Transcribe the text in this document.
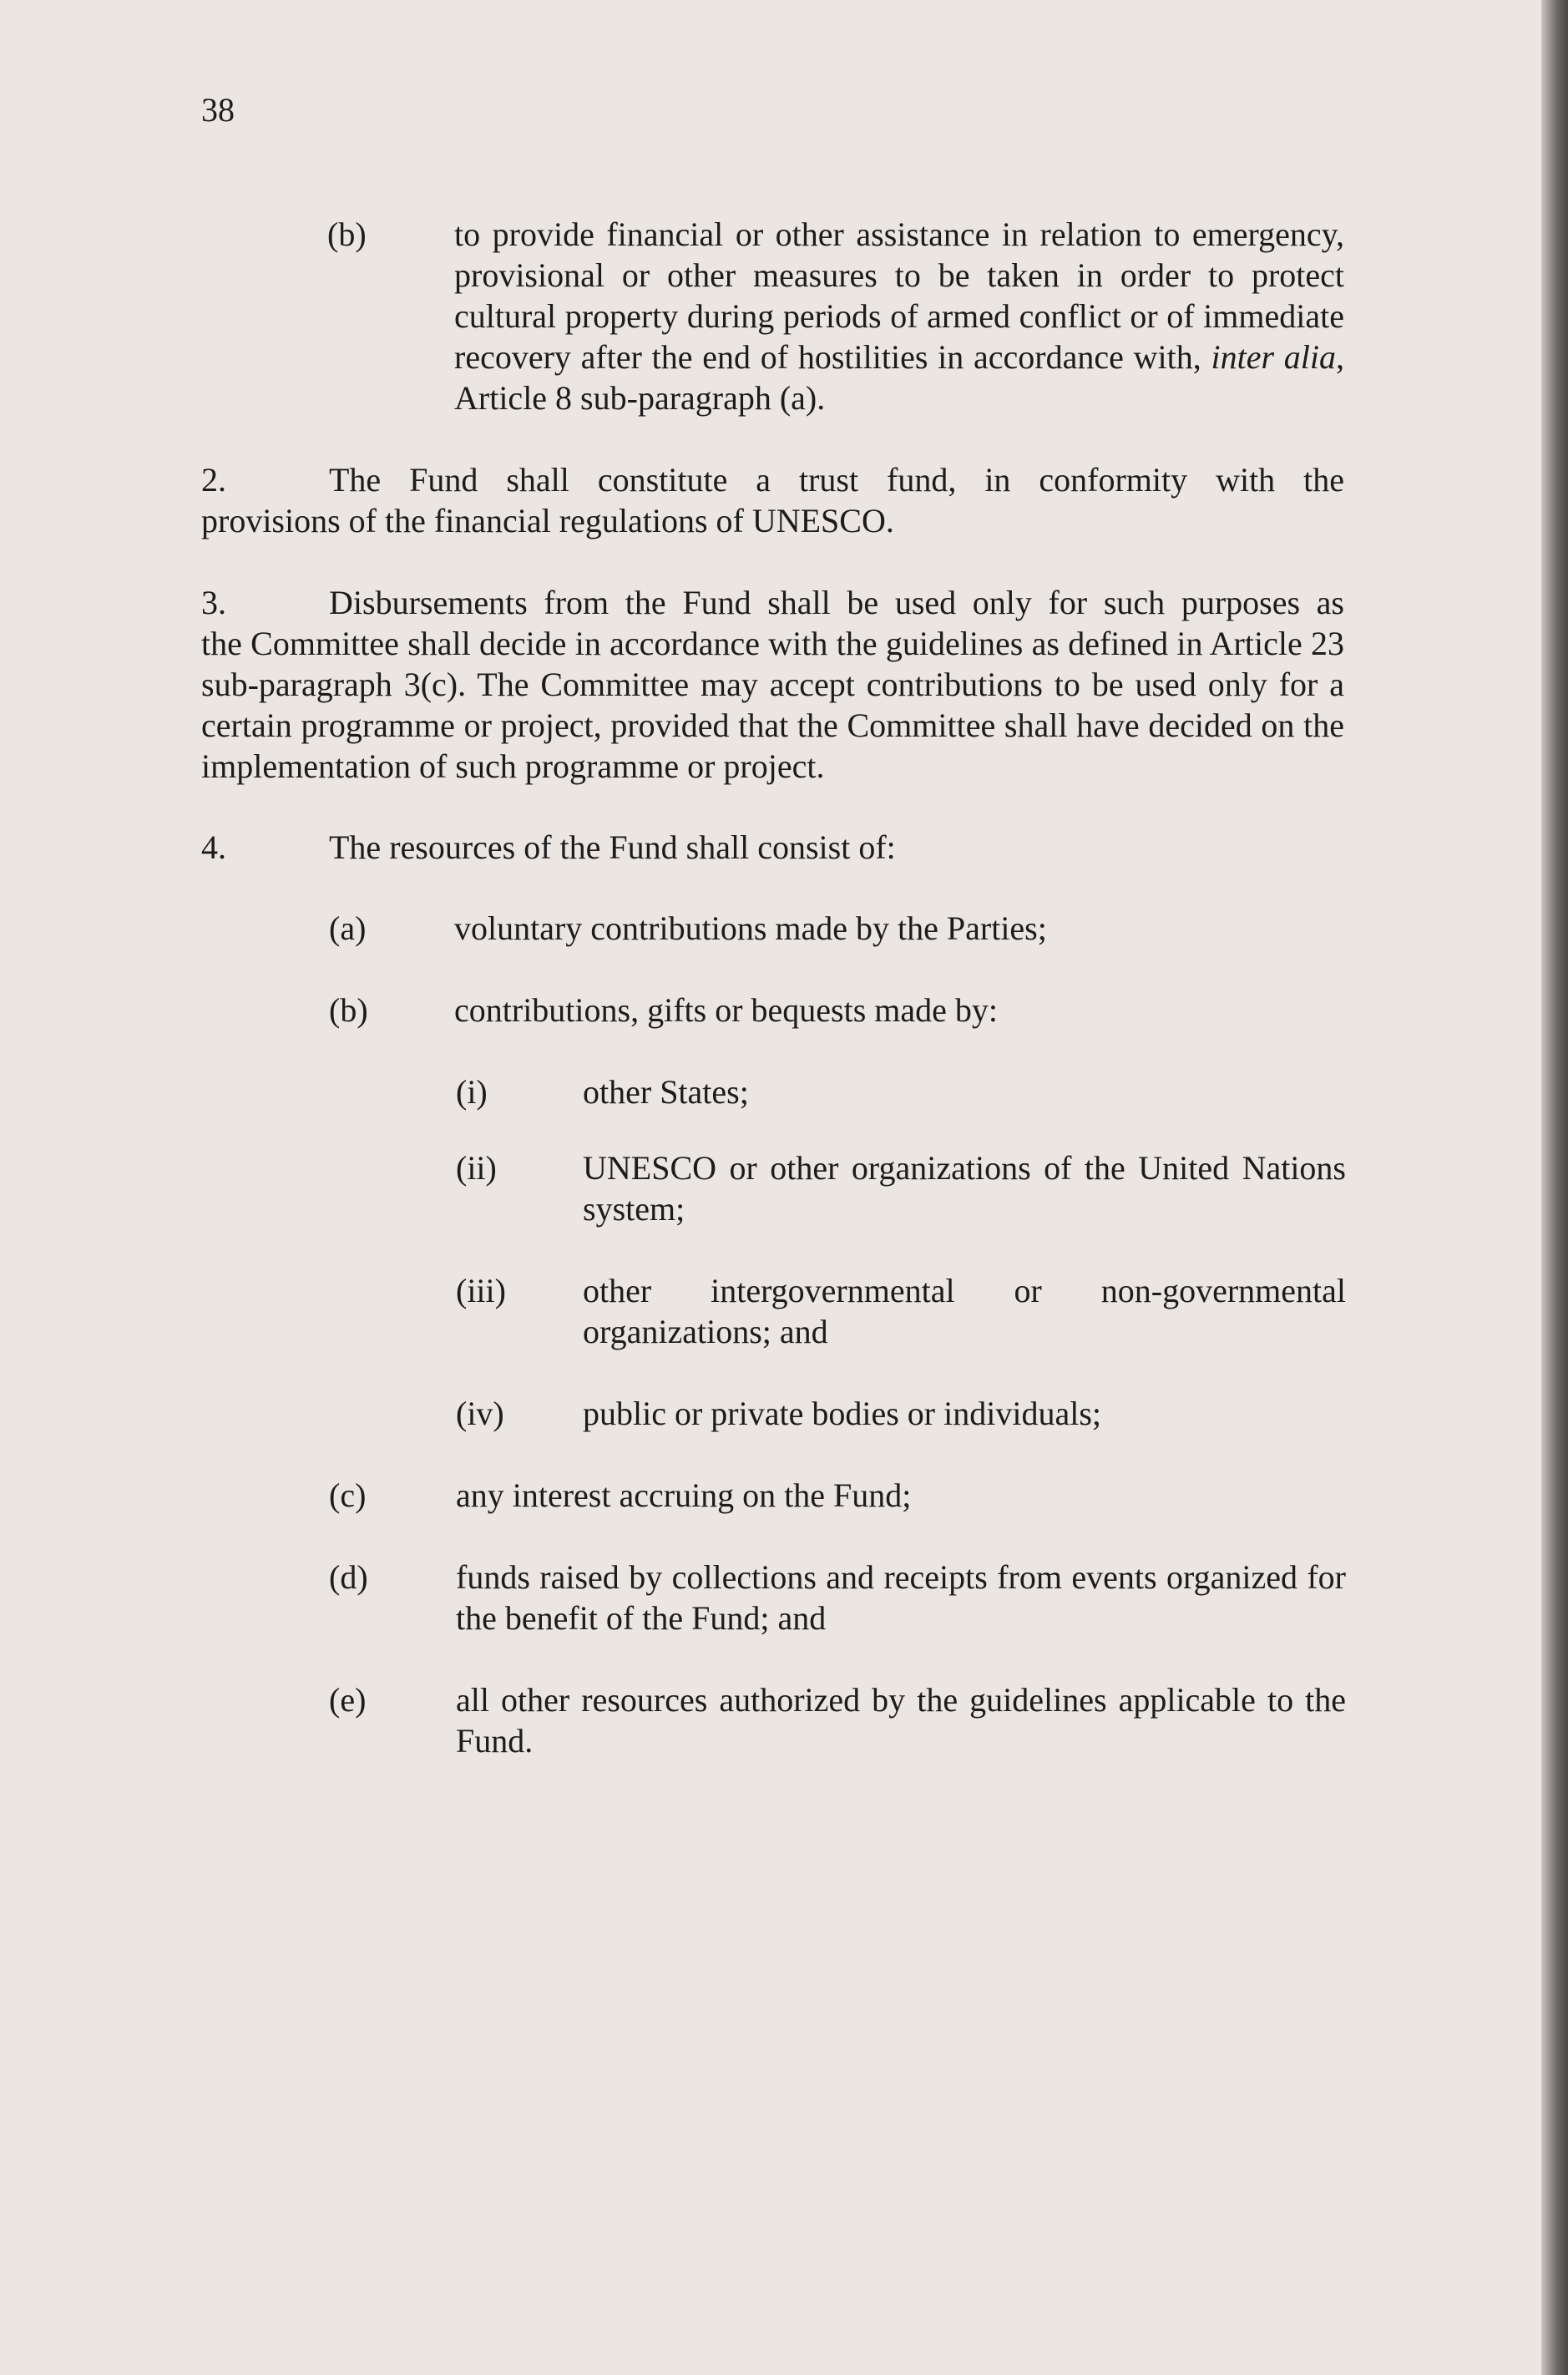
38
(b)	to provide financial or other assistance in relation to emergency, provisional or other measures to be taken in order to protect cultural property during periods of armed conflict or of immediate recovery after the end of hostilities in accordance with, inter alia, Article 8 sub-paragraph (a).
2.	The Fund shall constitute a trust fund, in conformity with the
provisions of the financial regulations of UNESCO.
3.	Disbursements from the Fund shall be used only for such purposes as
the Committee shall decide in accordance with the guidelines as defined in Article 23 sub-paragraph 3(c). The Committee may accept contributions to be used only for a certain programme or project, provided that the Committee shall have decided on the implementation of such programme or project.
4.	The resources of the Fund shall consist of:
(a)	voluntary contributions made by the Parties;
(b)	contributions, gifts or bequests made by:
(i)	other States;
(ii)	UNESCO or other organizations of the United Nations system;
(iii) other intergovernmental or non-governmental organizations; and
(iv) public or private bodies or individuals;
(c)	any interest accruing on the Fund;
(d)	funds raised by collections and receipts from events organized for the benefit of the Fund; and
(e)	all other resources authorized by the guidelines applicable to the Fund.
